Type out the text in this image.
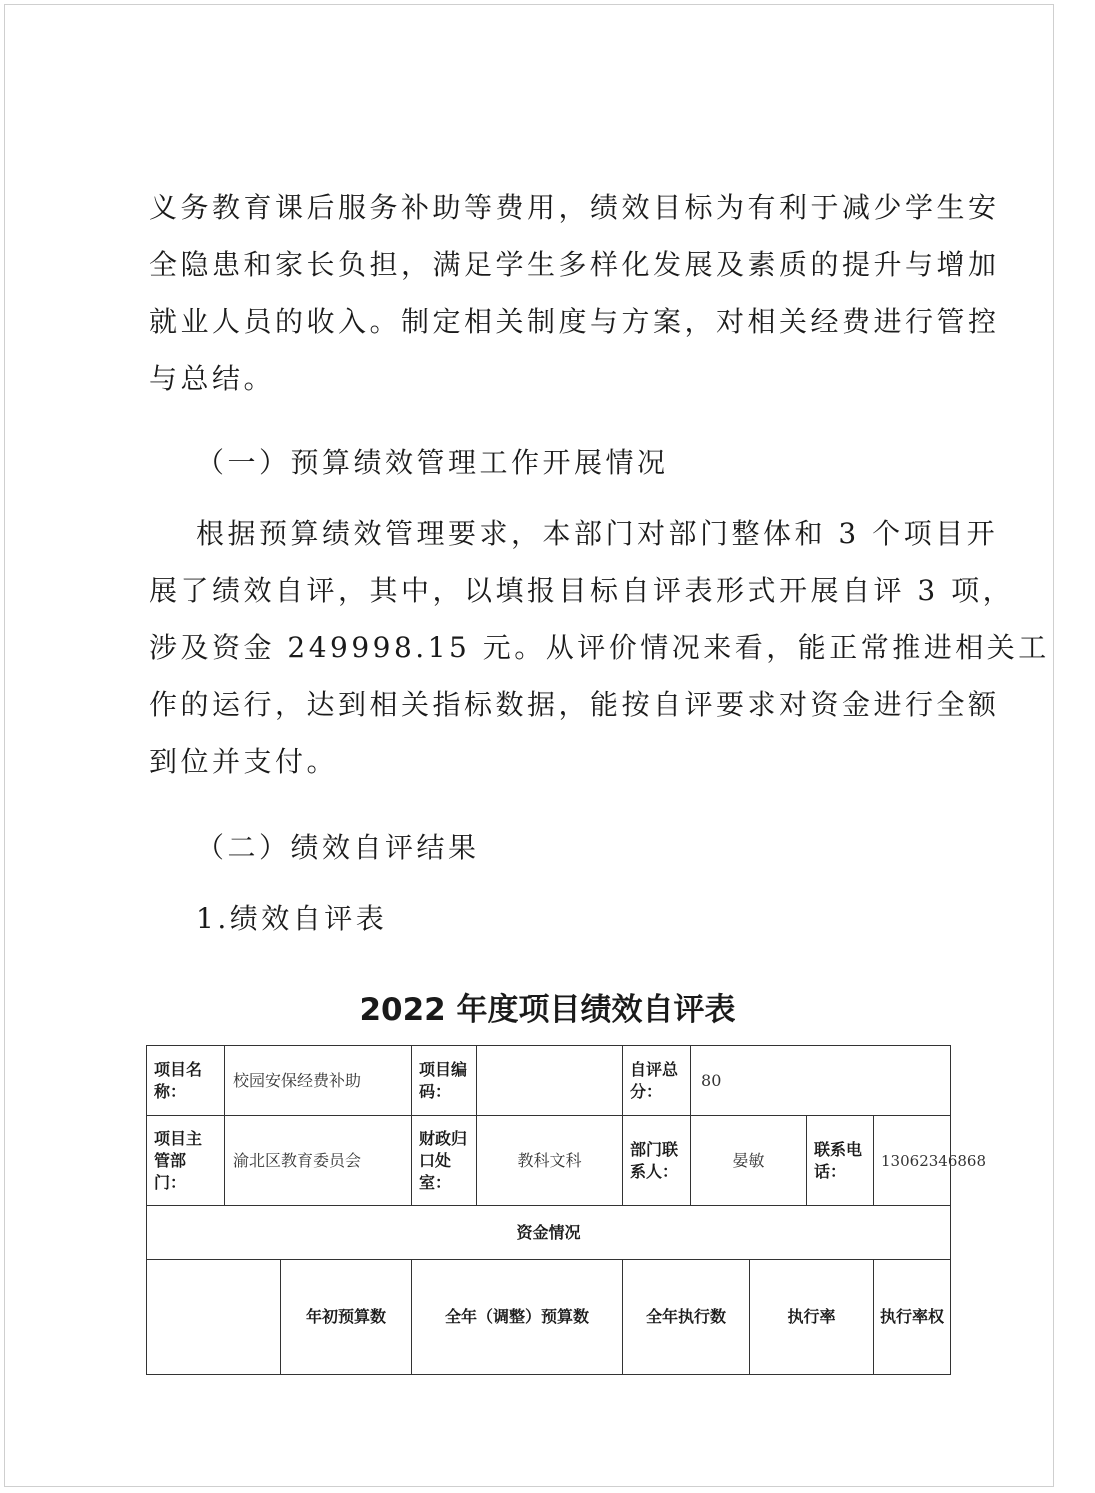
义务教育课后服务补助等费用，绩效目标为有利于减少学生安
全隐患和家长负担，满足学生多样化发展及素质的提升与增加
就业人员的收入。制定相关制度与方案，对相关经费进行管控
与总结。
（一）预算绩效管理工作开展情况
根据预算绩效管理要求，本部门对部门整体和 3 个项目开
展了绩效自评，其中，以填报目标自评表形式开展自评 3 项，
涉及资金 249998.15 元。从评价情况来看，能正常推进相关工
作的运行，达到相关指标数据，能按自评要求对资金进行全额
到位并支付。
（二）绩效自评结果
1.绩效自评表
2022 年度项目绩效自评表
项目名称：	校园安保经费补助		项目编码：		自评总分：	80				
项目主管部门：	渝北区教育委员会		财政归口处室：	教科文科	部门联系人：	晏敏		联系电话：	13062346868	
资金情况										
		年初预算数	全年（调整）预算数		全年执行数		执行率		执行率权	
